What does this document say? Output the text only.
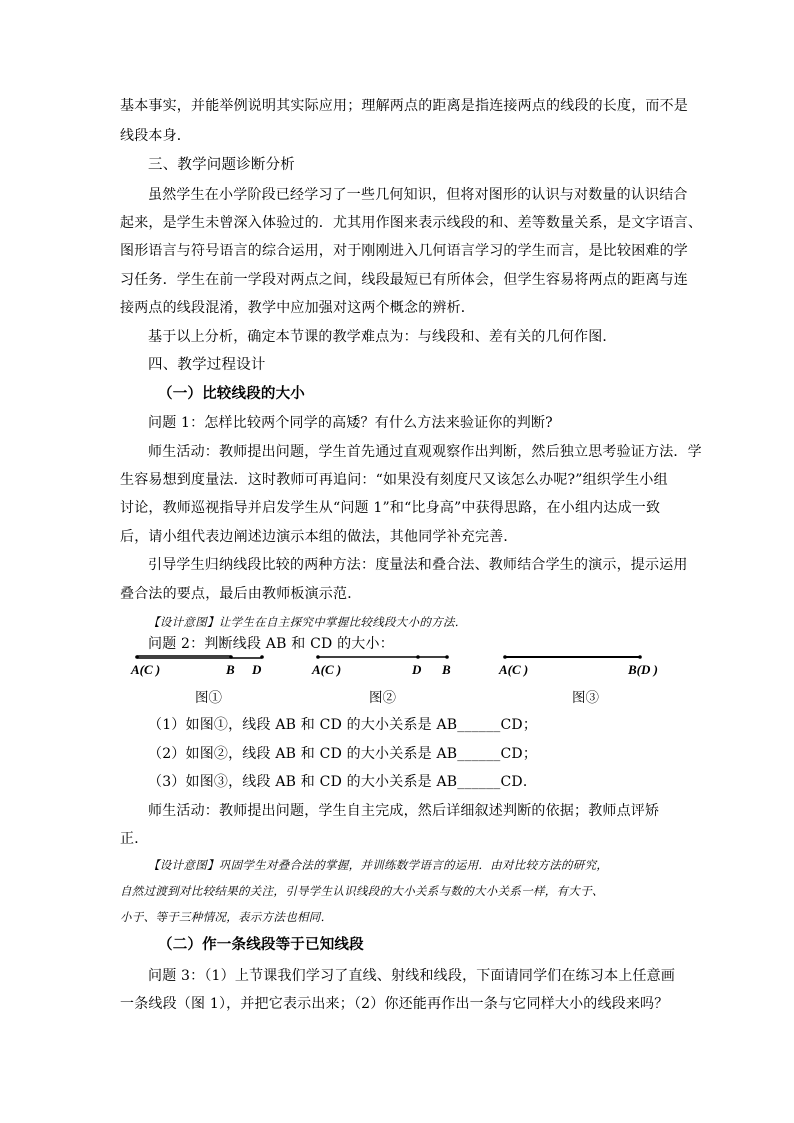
基本事实，并能举例说明其实际应用；理解两点的距离是指连接两点的线段的长度，而不是
线段本身．
三、教学问题诊断分析
虽然学生在小学阶段已经学习了一些几何知识，但将对图形的认识与对数量的认识结合
起来，是学生未曾深入体验过的．尤其用作图来表示线段的和、差等数量关系，是文字语言、
图形语言与符号语言的综合运用，对于刚刚进入几何语言学习的学生而言，是比较困难的学
习任务．学生在前一学段对两点之间，线段最短已有所体会，但学生容易将两点的距离与连
接两点的线段混淆，教学中应加强对这两个概念的辨析．
基于以上分析，确定本节课的教学难点为：与线段和、差有关的几何作图．
四、教学过程设计
（一）比较线段的大小
问题 1：怎样比较两个同学的高矮？有什么方法来验证你的判断?
师生活动：教师提出问题，学生首先通过直观观察作出判断，然后独立思考验证方法．学
生容易想到度量法．这时教师可再追问：“如果没有刻度尺又该怎么办呢?”组织学生小组
讨论，教师巡视指导并启发学生从“问题 1”和“比身高”中获得思路，在小组内达成一致
后，请小组代表边阐述边演示本组的做法，其他同学补充完善．
引导学生归纳线段比较的两种方法：度量法和叠合法、教师结合学生的演示，提示运用
叠合法的要点，最后由教师板演示范．
【设计意图】让学生在自主探究中掌握比较线段大小的方法．
问题 2：判断线段 AB 和 CD 的大小：
A(C )	B D	A(C )	D B	A(C )	B(D )
图①	图②	图③
（1）如图①，线段 AB 和 CD 的大小关系是 AB______CD；
（2）如图②，线段 AB 和 CD 的大小关系是 AB______CD；
（3）如图③，线段 AB 和 CD 的大小关系是 AB______CD．
师生活动：教师提出问题，学生自主完成，然后详细叙述判断的依据；教师点评矫
正．
【设计意图】巩固学生对叠合法的掌握，并训练数学语言的运用．由对比较方法的研究，
自然过渡到对比较结果的关注，引导学生认识线段的大小关系与数的大小关系一样，有大于、
小于、等于三种情况，表示方法也相同．
（二）作一条线段等于已知线段
问题 3：（1）上节课我们学习了直线、射线和线段，下面请同学们在练习本上任意画
一条线段（图 1），并把它表示出来；（2）你还能再作出一条与它同样大小的线段来吗？
